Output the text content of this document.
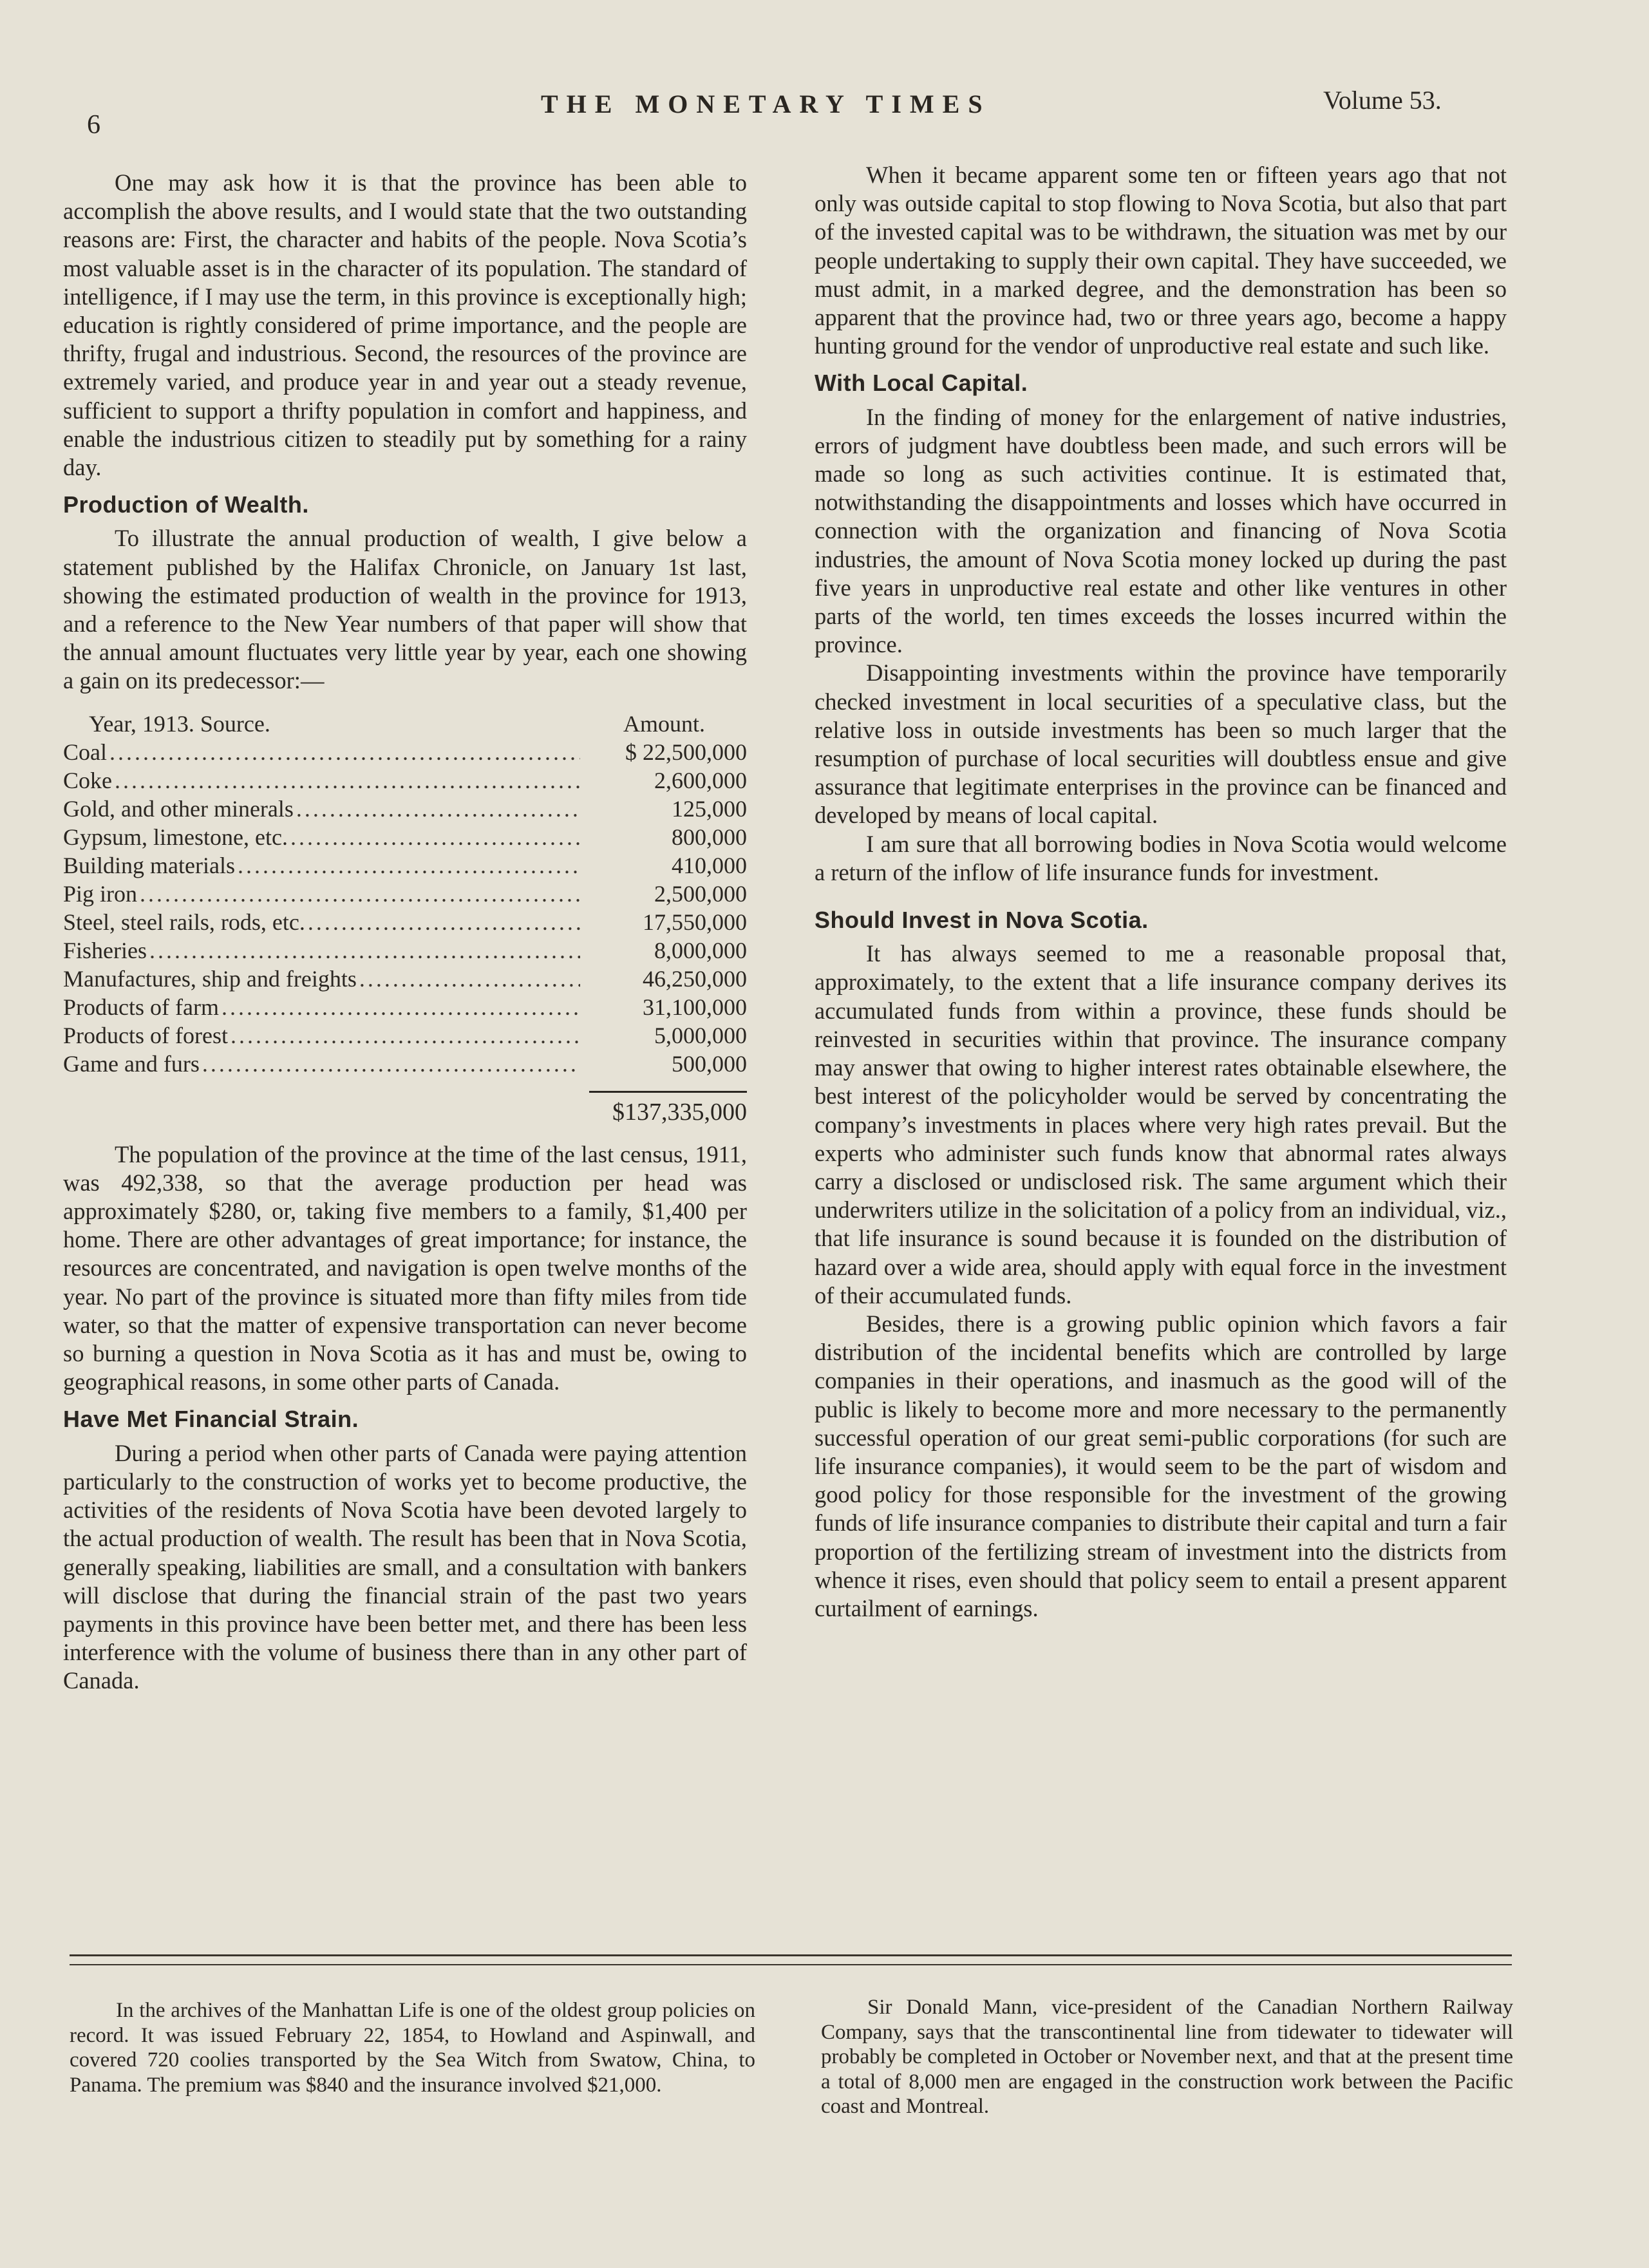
6
THE MONETARY TIMES	Volume 53.

One may ask how it is that the province has been able to accomplish the above results, and I would state that the two outstanding reasons are: First, the character and habits of the people. Nova Scotia’s most valuable asset is in the character of its population. The standard of intelligence, if I may use the term, in this province is exceptionally high; education is rightly considered of prime importance, and the people are thrifty, frugal and industrious. Second, the resources of the province are extremely varied, and produce year in and year out a steady revenue, sufficient to support a thrifty population in comfort and happiness, and enable the industrious citizen to steadily put by something for a rainy day.

Production of Wealth.

To illustrate the annual production of wealth, I give below a statement published by the Halifax Chronicle, on January 1st last, showing the estimated production of wealth in the province for 1913, and a reference to the New Year numbers of that paper will show that the annual amount fluctuates very little year by year, each one showing a gain on its predecessor:—

Year, 1913. Source.	Amount.
Coal .....	$ 22,500,000
Coke .....	2,600,000
Gold, and other minerals .....	125,000
Gypsum, limestone, etc. .....	800,000
Building materials .....	410,000
Pig iron .....	2,500,000
Steel, steel rails, rods, etc. .....	17,550,000
Fisheries .....	8,000,000
Manufactures, ship and freights .....	46,250,000
Products of farm .....	31,100,000
Products of forest .....	5,000,000
Game and furs .....	500,000
$137,335,000

The population of the province at the time of the last census, 1911, was 492,338, so that the average production per head was approximately $280, or, taking five members to a family, $1,400 per home. There are other advantages of great importance; for instance, the resources are concentrated, and navigation is open twelve months of the year. No part of the province is situated more than fifty miles from tide water, so that the matter of expensive transportation can never become so burning a question in Nova Scotia as it has and must be, owing to geographical reasons, in some other parts of Canada.

Have Met Financial Strain.

During a period when other parts of Canada were paying attention particularly to the construction of works yet to become productive, the activities of the residents of Nova Scotia have been devoted largely to the actual production of wealth. The result has been that in Nova Scotia, generally speaking, liabilities are small, and a consultation with bankers will disclose that during the financial strain of the past two years payments in this province have been better met, and there has been less interference with the volume of business there than in any other part of Canada.

When it became apparent some ten or fifteen years ago that not only was outside capital to stop flowing to Nova Scotia, but also that part of the invested capital was to be withdrawn, the situation was met by our people undertaking to supply their own capital. They have succeeded, we must admit, in a marked degree, and the demonstration has been so apparent that the province had, two or three years ago, become a happy hunting ground for the vendor of unproductive real estate and such like.

With Local Capital.

In the finding of money for the enlargement of native industries, errors of judgment have doubtless been made, and such errors will be made so long as such activities continue. It is estimated that, notwithstanding the disappointments and losses which have occurred in connection with the organization and financing of Nova Scotia industries, the amount of Nova Scotia money locked up during the past five years in unproductive real estate and other like ventures in other parts of the world, ten times exceeds the losses incurred within the province.

Disappointing investments within the province have temporarily checked investment in local securities of a speculative class, but the relative loss in outside investments has been so much larger that the resumption of purchase of local securities will doubtless ensue and give assurance that legitimate enterprises in the province can be financed and developed by means of local capital.

I am sure that all borrowing bodies in Nova Scotia would welcome a return of the inflow of life insurance funds for investment.

Should Invest in Nova Scotia.

It has always seemed to me a reasonable proposal that, approximately, to the extent that a life insurance company derives its accumulated funds from within a province, these funds should be reinvested in securities within that province. The insurance company may answer that owing to higher interest rates obtainable elsewhere, the best interest of the policyholder would be served by concentrating the company’s investments in places where very high rates prevail. But the experts who administer such funds know that abnormal rates always carry a disclosed or undisclosed risk. The same argument which their underwriters utilize in the solicitation of a policy from an individual, viz., that life insurance is sound because it is founded on the distribution of hazard over a wide area, should apply with equal force in the investment of their accumulated funds.

Besides, there is a growing public opinion which favors a fair distribution of the incidental benefits which are controlled by large companies in their operations, and inasmuch as the good will of the public is likely to become more and more necessary to the permanently successful operation of our great semi-public corporations (for such are life insurance companies), it would seem to be the part of wisdom and good policy for those responsible for the investment of the growing funds of life insurance companies to distribute their capital and turn a fair proportion of the fertilizing stream of investment into the districts from whence it rises, even should that policy seem to entail a present apparent curtailment of earnings.

In the archives of the Manhattan Life is one of the oldest group policies on record. It was issued February 22, 1854, to Howland and Aspinwall, and covered 720 coolies transported by the Sea Witch from Swatow, China, to Panama. The premium was $840 and the insurance involved $21,000.

Sir Donald Mann, vice-president of the Canadian Northern Railway Company, says that the transcontinental line from tidewater to tidewater will probably be completed in October or November next, and that at the present time a total of 8,000 men are engaged in the construction work between the Pacific coast and Montreal.
